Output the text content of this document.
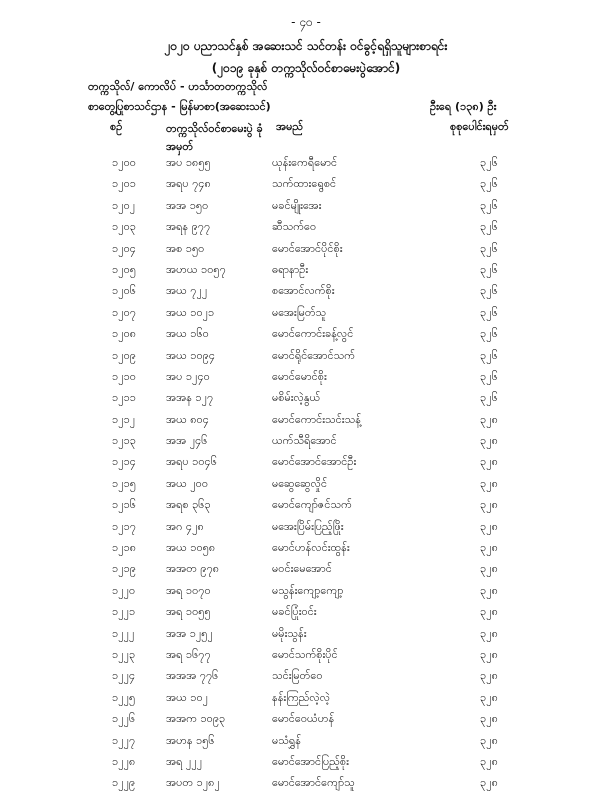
- ၄၀ -
၂၀၂၀ ပညာသင်နှစ် အဆေးသင် သင်တန်း ဝင်ခွင့်ရရှိသူများစာရင်း
(၂၀၁၉ ခုနှစ် တက္ကသိုလ်ဝင်စာမေးပွဲအောင်)
တက္ကသိုလ်/ ကောလိပ် - ဟင်္သာတတက္ကသိုလ်
စာတွေ့ပြုစာသင်ဌာန - မြန်မာစာ(အဆေးသင်)	ဦးရေ (၁၃၈) ဦး
စဉ်	တက္ကသိုလ်ဝင်စာမေးပွဲ ခုံအမှတ်
အမည်	စုစုပေါင်းရမှတ်
၁၂၀၀	အပ ၁၈၅၅	ယုန်းကေရီမောင်	၃၂၆
၁၂၀၁	အရပ ၇၄၈	သက်ထားရွေစင်	၃၂၆
၁၂၀၂	အအ ၁၅၀	မခင်မျိုးအေး	၃၂၆
၁၂၀၃	အရန ၉၇၇	ဆီသက်ဝေ	၃၂၆
၁၂၀၄	အစ ၁၅၀	မောင်အောင်ပိုင်စိုး	၃၂၆
၁၂၀၅	အဟယ ၁၀၅၇	ဓရာနာဦး	၃၂၆
၁၂၀၆	အယ ၇၂၂	စအောင်လက်စိုး	၃၂၆
၁၂၀၇	အယ ၁၀၂၁	မအေးမြတ်သူ	၃၂၆
၁၂၀၈	အယ ၁၆၀	မောင်ကောင်းခန့်လွင်	၃၂၆
၁၂၀၉	အယ ၁၀၉၄	မောင်ရိုင်အောင်သက်	၃၂၆
၁၂၁၀	အပ ၁၂၄၀	မောင်မောင်စိုး	၃၂၆
၁၂၁၁	အအန ၁၂၇	မစိမ်းလဲ့နွယ်	၃၂၆
၁၂၁၂	အယ ၈၀၄	မောင်ကောင်းသင်းသန့်	၃၂၈
၁၂၁၃	အအ ၂၄၆	ယက်သီရိအောင်	၃၂၈
၁၂၁၄	အရပ ၁၀၄၆	မောင်အောင်အောင်ဦး	၃၂၈
၁၂၁၅	အယ ၂၀၀	မဆွေဆွေလှိုင်	၃၂၈
၁၂၁၆	အရစ ၃၆၃	မောင်ကျော်ဇင်သက်	၃၂၈
၁၂၁၇	အဂ ၄၂၈	မအေးပြိမ်းပြည့်ဖြိုး	၃၂၈
၁၂၁၈	အယ ၁၀၅၈	မောင်ဟန်လင်းထွန်း	၃၂၈
၁၂၁၉	အအတ ၉၇၈	မဝင်းမေအောင်	၃၂၈
၁၂၂၀	အရ ၁၀၇၀	မသွန်းကျော့ကျော့	၃၂၈
၁၂၂၁	အရ ၁၀၅၅	မခင်ပြုံးဝင်း	၃၂၈
၁၂၂၂	အအ ၁၂၅၂	မမိုးသွန်း	၃၂၈
၁၂၂၃	အရ ၁၆၇၇	မောင်သက်စိုးပိုင်	၃၂၈
၁၂၂၄	အအအ ၇၇၆	သင်းမြတ်ဝေ	၃၂၈
၁၂၂၅	အယ ၁၀၂	နန်းကြည်လဲ့လဲ့	၃၂၈
၁၂၂၆	အအက ၁၀၉၃	မောင်ဝေယံဟန်	၃၂၈
၁၂၂၇	အဟန ၁၅၆	မသံရွှန်	၃၂၈
၁၂၂၈	အရ ၂၂၂	မောင်အောင်ပြည့်စိုး	၃၂၈
၁၂၂၉	အပတ ၁၂၈၂	မောင်အောင်ကျော်သူ	၃၂၈
